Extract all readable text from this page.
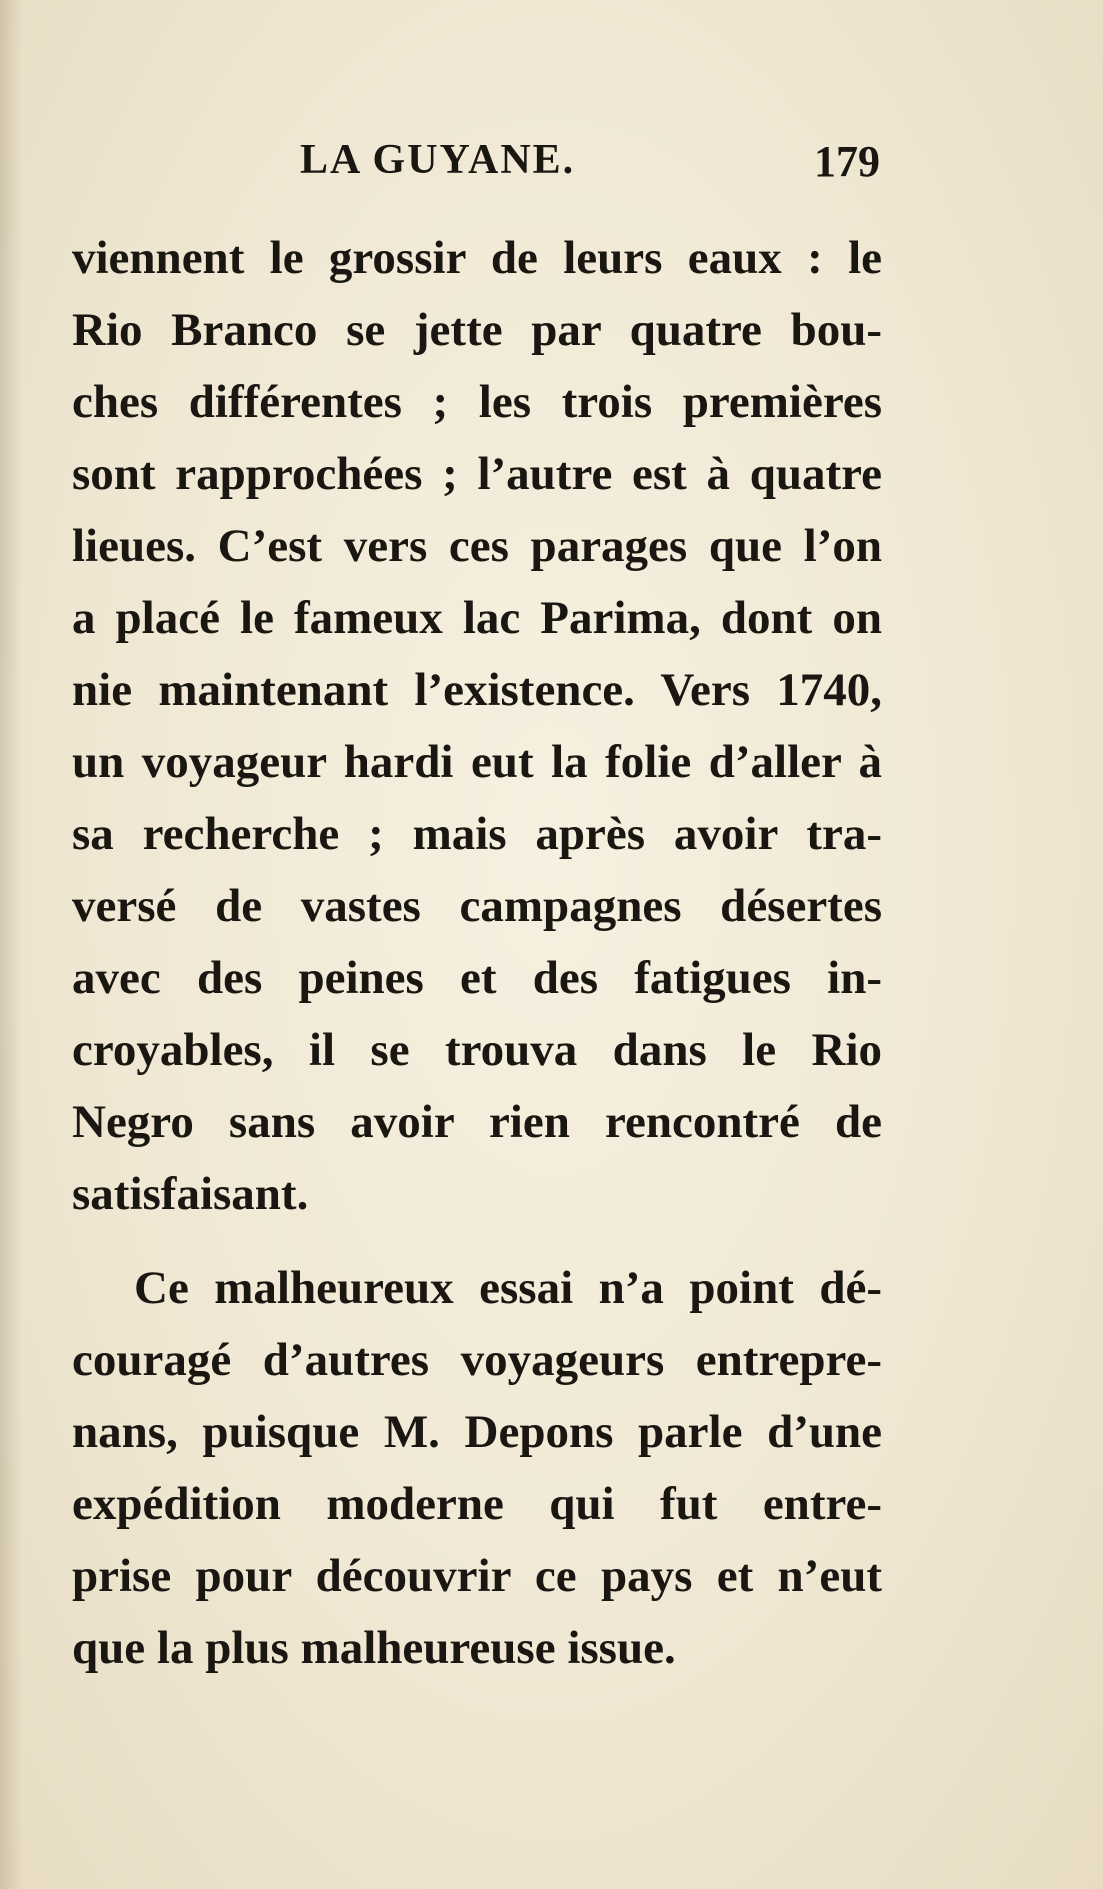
LA GUYANE.	179
viennent le grossir de leurs eaux : le
Rio Branco se jette par quatre bou-
ches différentes ; les trois premières
sont rapprochées ; l’autre est à quatre
lieues. C’est vers ces parages que l’on
a placé le fameux lac Parima, dont on
nie maintenant l’existence. Vers 1740,
un voyageur hardi eut la folie d’aller à
sa recherche ; mais après avoir tra-
versé de vastes campagnes désertes
avec des peines et des fatigues in-
croyables, il se trouva dans le Rio
Negro sans avoir rien rencontré de
satisfaisant.
Ce malheureux essai n’a point dé-
couragé d’autres voyageurs entrepre-
nans, puisque M. Depons parle d’une
expédition moderne qui fut entre-
prise pour découvrir ce pays et n’eut
que la plus malheureuse issue.
